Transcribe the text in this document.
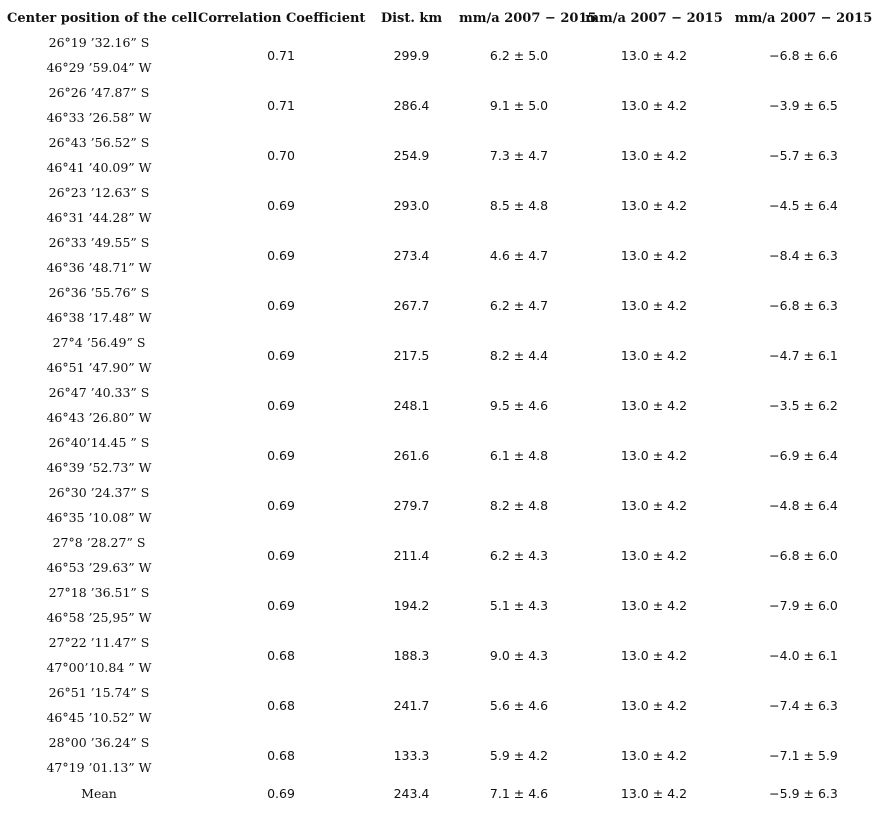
Center position of the cell	Correlation Coefficient	Dist. km	mm/a 2007 − 2015	mm/a 2007 − 2015	mm/a 2007 − 2015

26°19 ’32.16” S
46°29 ’59.04” W	0.71	299.9	6.2 ± 5.0	13.0 ± 4.2	−6.8 ± 6.6

26°26 ’47.87” S
46°33 ’26.58” W	0.71	286.4	9.1 ± 5.0	13.0 ± 4.2	−3.9 ± 6.5

26°43 ’56.52” S
46°41 ’40.09” W	0.70	254.9	7.3 ± 4.7	13.0 ± 4.2	−5.7 ± 6.3

26°23 ’12.63” S
46°31 ’44.28” W	0.69	293.0	8.5 ± 4.8	13.0 ± 4.2	−4.5 ± 6.4

26°33 ’49.55” S
46°36 ’48.71” W	0.69	273.4	4.6 ± 4.7	13.0 ± 4.2	−8.4 ± 6.3

26°36 ’55.76” S
46°38 ’17.48” W	0.69	267.7	6.2 ± 4.7	13.0 ± 4.2	−6.8 ± 6.3

27°4 ’56.49” S
46°51 ’47.90” W	0.69	217.5	8.2 ± 4.4	13.0 ± 4.2	−4.7 ± 6.1

26°47 ’40.33” S
46°43 ’26.80” W	0.69	248.1	9.5 ± 4.6	13.0 ± 4.2	−3.5 ± 6.2

26°40’14.45 ” S
46°39 ’52.73” W	0.69	261.6	6.1 ± 4.8	13.0 ± 4.2	−6.9 ± 6.4

26°30 ’24.37” S
46°35 ’10.08” W	0.69	279.7	8.2 ± 4.8	13.0 ± 4.2	−4.8 ± 6.4

27°8 ’28.27” S
46°53 ’29.63” W	0.69	211.4	6.2 ± 4.3	13.0 ± 4.2	−6.8 ± 6.0

27°18 ’36.51” S
46°58 ’25,95” W	0.69	194.2	5.1 ± 4.3	13.0 ± 4.2	−7.9 ± 6.0

27°22 ’11.47” S
47°00’10.84 ” W	0.68	188.3	9.0 ± 4.3	13.0 ± 4.2	−4.0 ± 6.1

26°51 ’15.74” S
46°45 ’10.52” W	0.68	241.7	5.6 ± 4.6	13.0 ± 4.2	−7.4 ± 6.3

28°00 ’36.24” S
47°19 ’01.13” W	0.68	133.3	5.9 ± 4.2	13.0 ± 4.2	−7.1 ± 5.9
Mean	0.69	243.4	7.1 ± 4.6	13.0 ± 4.2	−5.9 ± 6.3
